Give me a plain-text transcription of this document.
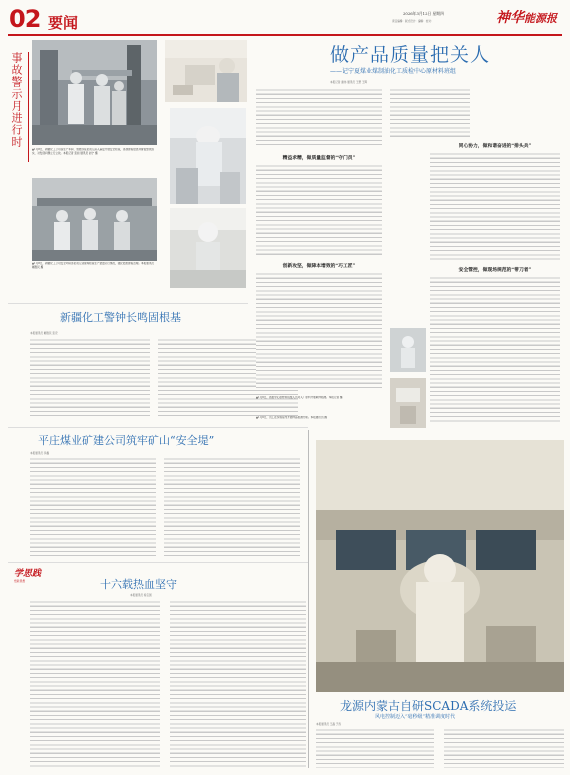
02 要闻
2026年3月12日 星期四
责任编辑：版式设计：编辑：校对：	神华能源报
事故警示月进行时
▲1月8日，新疆化工公司各生产车间、管控部室负责人深入基层开展安全检查，逐项排查隐患并督促整改落实，对发现问题立行立改。本报记者 张旭 通讯员 赵宁 摄
▲1月8日，新疆化工公司安全环保部负责人到现场检查生产装置运行情况，强化隐患排查治理。本报通讯员 阚胜民 摄
新疆化工警钟长鸣固根基
本报通讯员 阚胜民 张宏
平庄煤业矿建公司筑牢矿山“安全堤”
本报通讯员 李鑫
学思践
悟新思想	十六载热血坚守
本报通讯员 杨宝国
做产品质量把关人
——记宁夏煤业煤制油化工质检中心原材料班组
本报记者 谢伟 通讯员 王慧 王辉
精益求精，做质量监督的“守门员”
创新攻坚，做降本增效的“巧工匠”
同心协力，做和谐奋进的“排头兵”
安全管控，做现场规范的“带刀者”
▲1月6日，质检中心原材料班组人员对入厂原料开展取样检测。本报记者 摄
▲1月6日，员工在实验室内开展样品检测分析。本报通讯员 摄
龙源内蒙古自研SCADA系统投运
风电控制迈入“毫秒级”精准调度时代
本报通讯员 王磊 于涛
